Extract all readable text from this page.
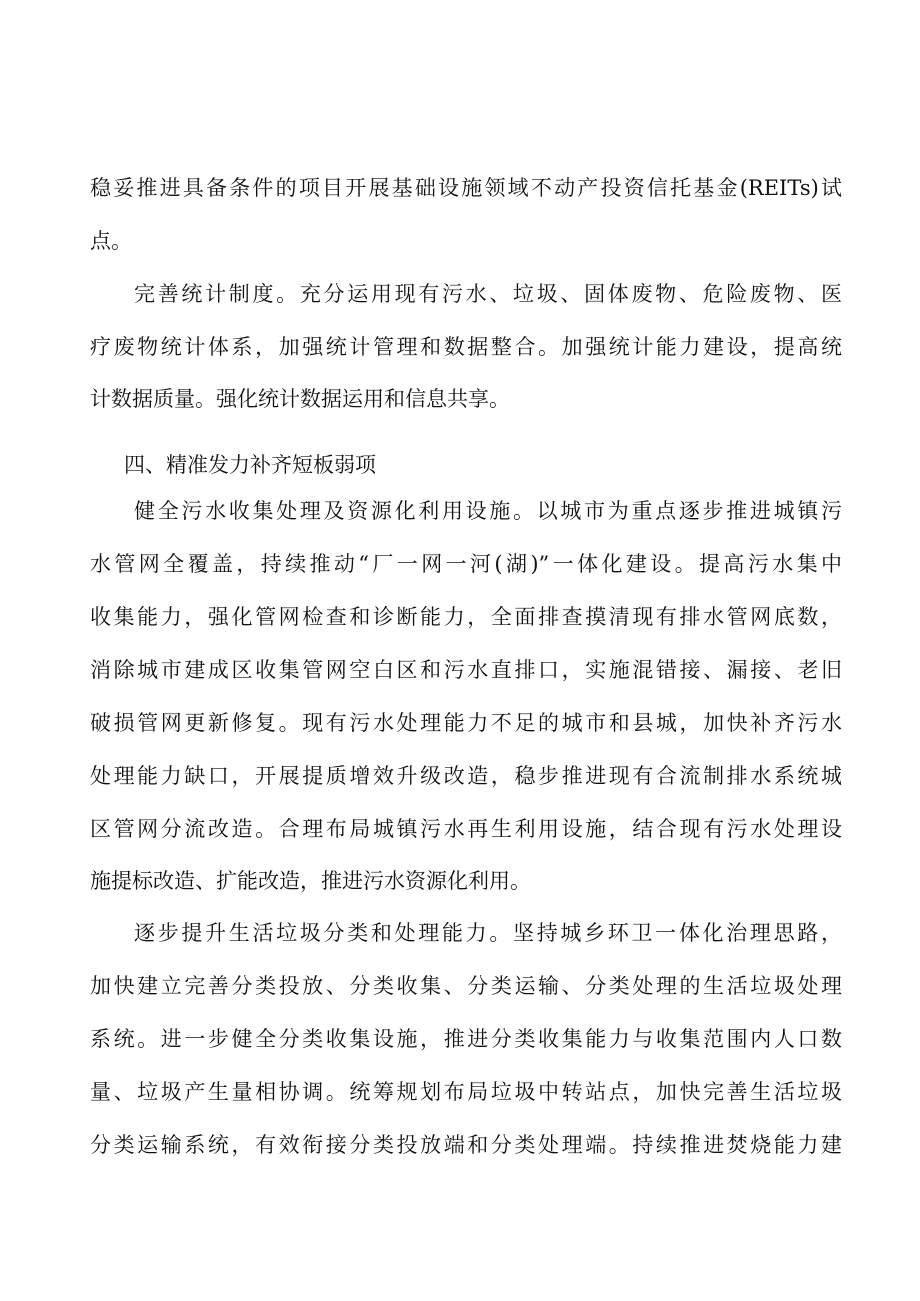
稳妥推进具备条件的项目开展基础设施领域不动产投资信托基金(REITs)试
点。
完善统计制度。充分运用现有污水、垃圾、固体废物、危险废物、医
疗废物统计体系，加强统计管理和数据整合。加强统计能力建设，提高统
计数据质量。强化统计数据运用和信息共享。
四、精准发力补齐短板弱项
健全污水收集处理及资源化利用设施。以城市为重点逐步推进城镇污
水管网全覆盖，持续推动“厂一网一河(湖)”一体化建设。提高污水集中
收集能力，强化管网检查和诊断能力，全面排查摸清现有排水管网底数，
消除城市建成区收集管网空白区和污水直排口，实施混错接、漏接、老旧
破损管网更新修复。现有污水处理能力不足的城市和县城，加快补齐污水
处理能力缺口，开展提质增效升级改造，稳步推进现有合流制排水系统城
区管网分流改造。合理布局城镇污水再生利用设施，结合现有污水处理设
施提标改造、扩能改造，推进污水资源化利用。
逐步提升生活垃圾分类和处理能力。坚持城乡环卫一体化治理思路，
加快建立完善分类投放、分类收集、分类运输、分类处理的生活垃圾处理
系统。进一步健全分类收集设施，推进分类收集能力与收集范围内人口数
量、垃圾产生量相协调。统筹规划布局垃圾中转站点，加快完善生活垃圾
分类运输系统，有效衔接分类投放端和分类处理端。持续推进焚烧能力建
